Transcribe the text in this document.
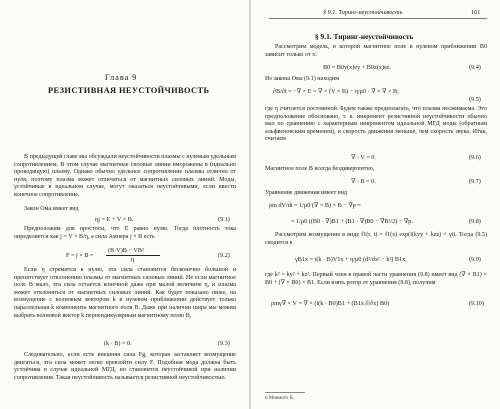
Глава 9
РЕЗИСТИВНАЯ НЕУСТОЙЧИВОСТЬ

В предыдущей главе мы обсуждали неустойчивости плазмы с нулевым удельным сопротивлением. В этом случае магнитные силовые линии вморожены в (идеально проводящую) плазму. Однако обычно удельное сопротивление плазмы отлично от нуля, поэтому плазма может отличаться от магнитных силовых линий. Моды, устойчивые в идеальном случае, могут оказаться неустойчивыми, если ввести конечное сопротивление.

Закон Ома имеет вид

ηj = E + V × B.	(9.1)

Предположим для простоты, что E равно нулю. Тогда плотность тока определяется как j = V × B/η, а сила Ампера j × B есть

F = j × B =
(B·V)B − VB²
η
(9.2)

Если η стремится к нулю, эта сила становится бесконечно большой и препятствует отклонению плазмы от магнитных силовых линий. Не если магнитное поле B мало, эта сила остается конечной даже при малой величине η, и плазма может отклоняться от магнитных силовых линий. Как будет показано ниже, на возмущение с волновым вектором k в нулевом приближении действует только параллельная k компонента магнитного поля B. Даже при наличии шира мы можем выбрать волновой вектор k перпендикулярным магнитному полю B,

(k · B) = 0.	(9.3)

Следовательно, если есть внешняя сила Fg, которая заставляет возмущение двигаться, эта сила может легко превзойти силу F. Подобная мода должна быть устойчива в случае идеальной МГД, но становится неустойчивой при наличии сопротивления. Такая неустойчивость называется резистивной неустойчивостью.

§ 9.1. Тиринг-неустойчивость	161
§ 9.1. Тиринг-неустойчивость

Рассмотрим модель, в которой магнитное поле в нулевом приближении B0 зависит только от x:

B0 = B0y(x)ey + B0z(x)ez.	(9.4)

Из закона Ома (9.1) находим

∂B/∂t = −∇ × E = ∇ × (V × B) − η/μ0 · ∇ × ∇ × B;
(9.5)

где η считается постоянной. Будем также предполагать, что плазма несжимаема. Это предположение обосновано, т. к. инкремент резистивной неустойчивости обычно мал по сравнению с характерным инкрементом идеальной МГД моды (обратным альфвеновским временем), и скорость движения меньше, чем скорость звука. Итак, считаем

∇ · V = 0.	(9.6)

Магнитное поле B всегда бездивергентно,

∇ · B = 0.	(9.7)

Уравнение движения имеет вид

ρm dV/dt = 1/μ0 (∇ × B) × B − ∇p =
= 1/μ0 ((B0 · ∇)B1 + (B1 · ∇)B0 − ∇B²/2) − ∇p.	(9.8)

Рассмотрим возмущение в виде f1(r, t) = f1(x) exp(i(kyy + kzz) + γt). Тогда (9.5) сводится к

γB1x = i(k · B)V1x + η/μ0 (d²/dx² − k²) B1x,	(9.9)

где k² = ky² + kz². Первый член в правой части уравнения (9.8) имеет вид (∇ × B1) × B0 + (∇ × B0) × B1. Если взять ротор от уравнения (9.8), получим

ρmγ∇ × V = ∇ × (i(k · B0)B1 + (B1x ∂/∂x) B0)	(9.10)
6 Миямото К.
